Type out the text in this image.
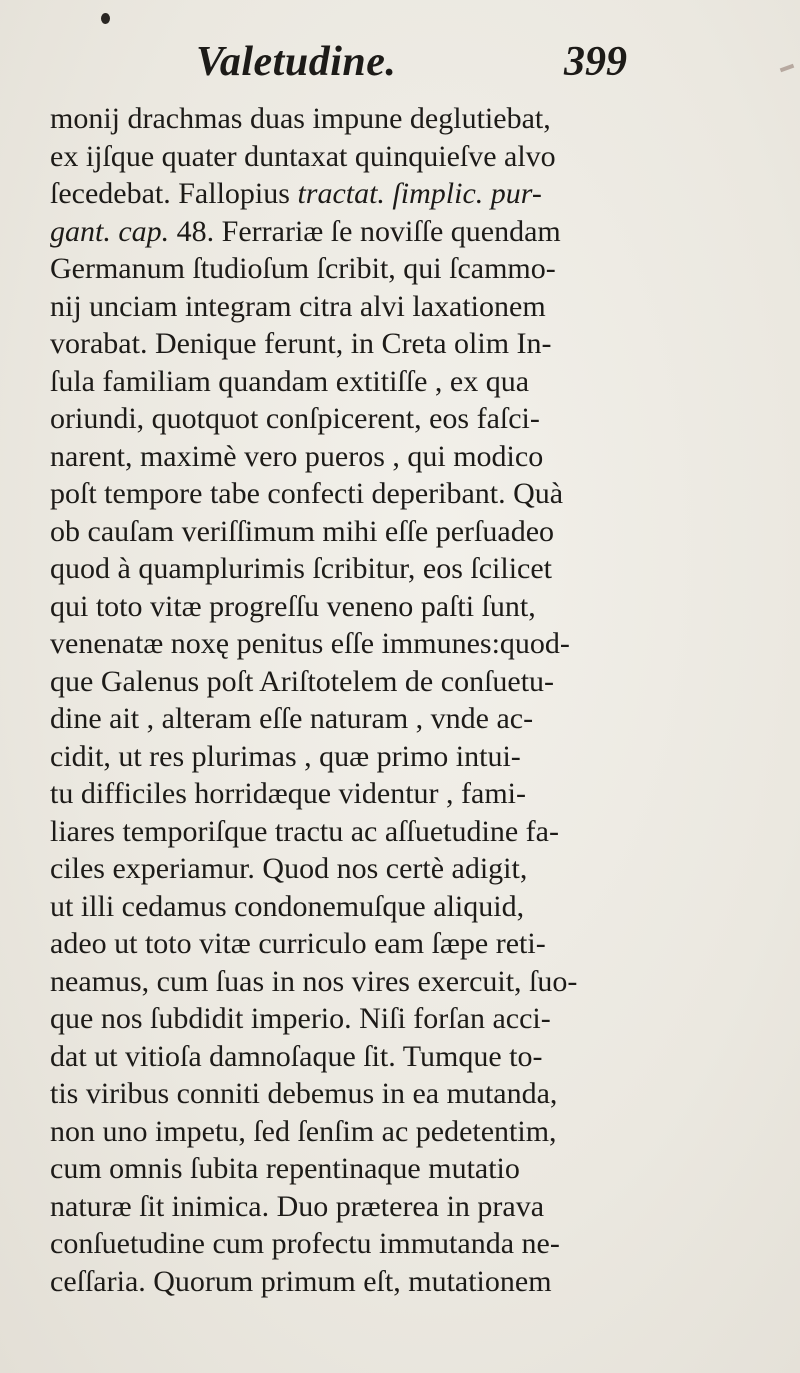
Valetudine.	399
monij drachmas duas impune deglutiebat,
ex ijſque quater duntaxat quinquieſve alvo
ſecedebat. Fallopius tractat. ſimplic. pur-
gant. cap. 48. Ferrariæ ſe noviſſe quendam
Germanum ſtudioſum ſcribit, qui ſcammo-
nij unciam integram citra alvi laxationem
vorabat. Denique ferunt, in Creta olim In-
ſula familiam quandam extitiſſe , ex qua
oriundi, quotquot conſpicerent, eos faſci-
narent, maximè vero pueros , qui modico
poſt tempore tabe confecti deperibant. Quà
ob cauſam veriſſimum mihi eſſe perſuadeo
quod à quamplurimis ſcribitur, eos ſcilicet
qui toto vitæ progreſſu veneno paſti ſunt,
venenatæ noxę penitus eſſe immunes:quod-
que Galenus poſt Ariſtotelem de conſuetu-
dine ait , alteram eſſe naturam , vnde ac-
cidit, ut res plurimas , quæ primo intui-
tu difficiles horridæque videntur , fami-
liares temporiſque tractu ac aſſuetudine fa-
ciles experiamur. Quod nos certè adigit,
ut illi cedamus condonemuſque aliquid,
adeo ut toto vitæ curriculo eam ſæpe reti-
neamus, cum ſuas in nos vires exercuit, ſuo-
que nos ſubdidit imperio. Niſi forſan acci-
dat ut vitioſa damnoſaque ſit. Tumque to-
tis viribus conniti debemus in ea mutanda,
non uno impetu, ſed ſenſim ac pedetentim,
cum omnis ſubita repentinaque mutatio
naturæ ſit inimica. Duo præterea in prava
conſuetudine cum profectu immutanda ne-
ceſſaria. Quorum primum eſt, mutationem
